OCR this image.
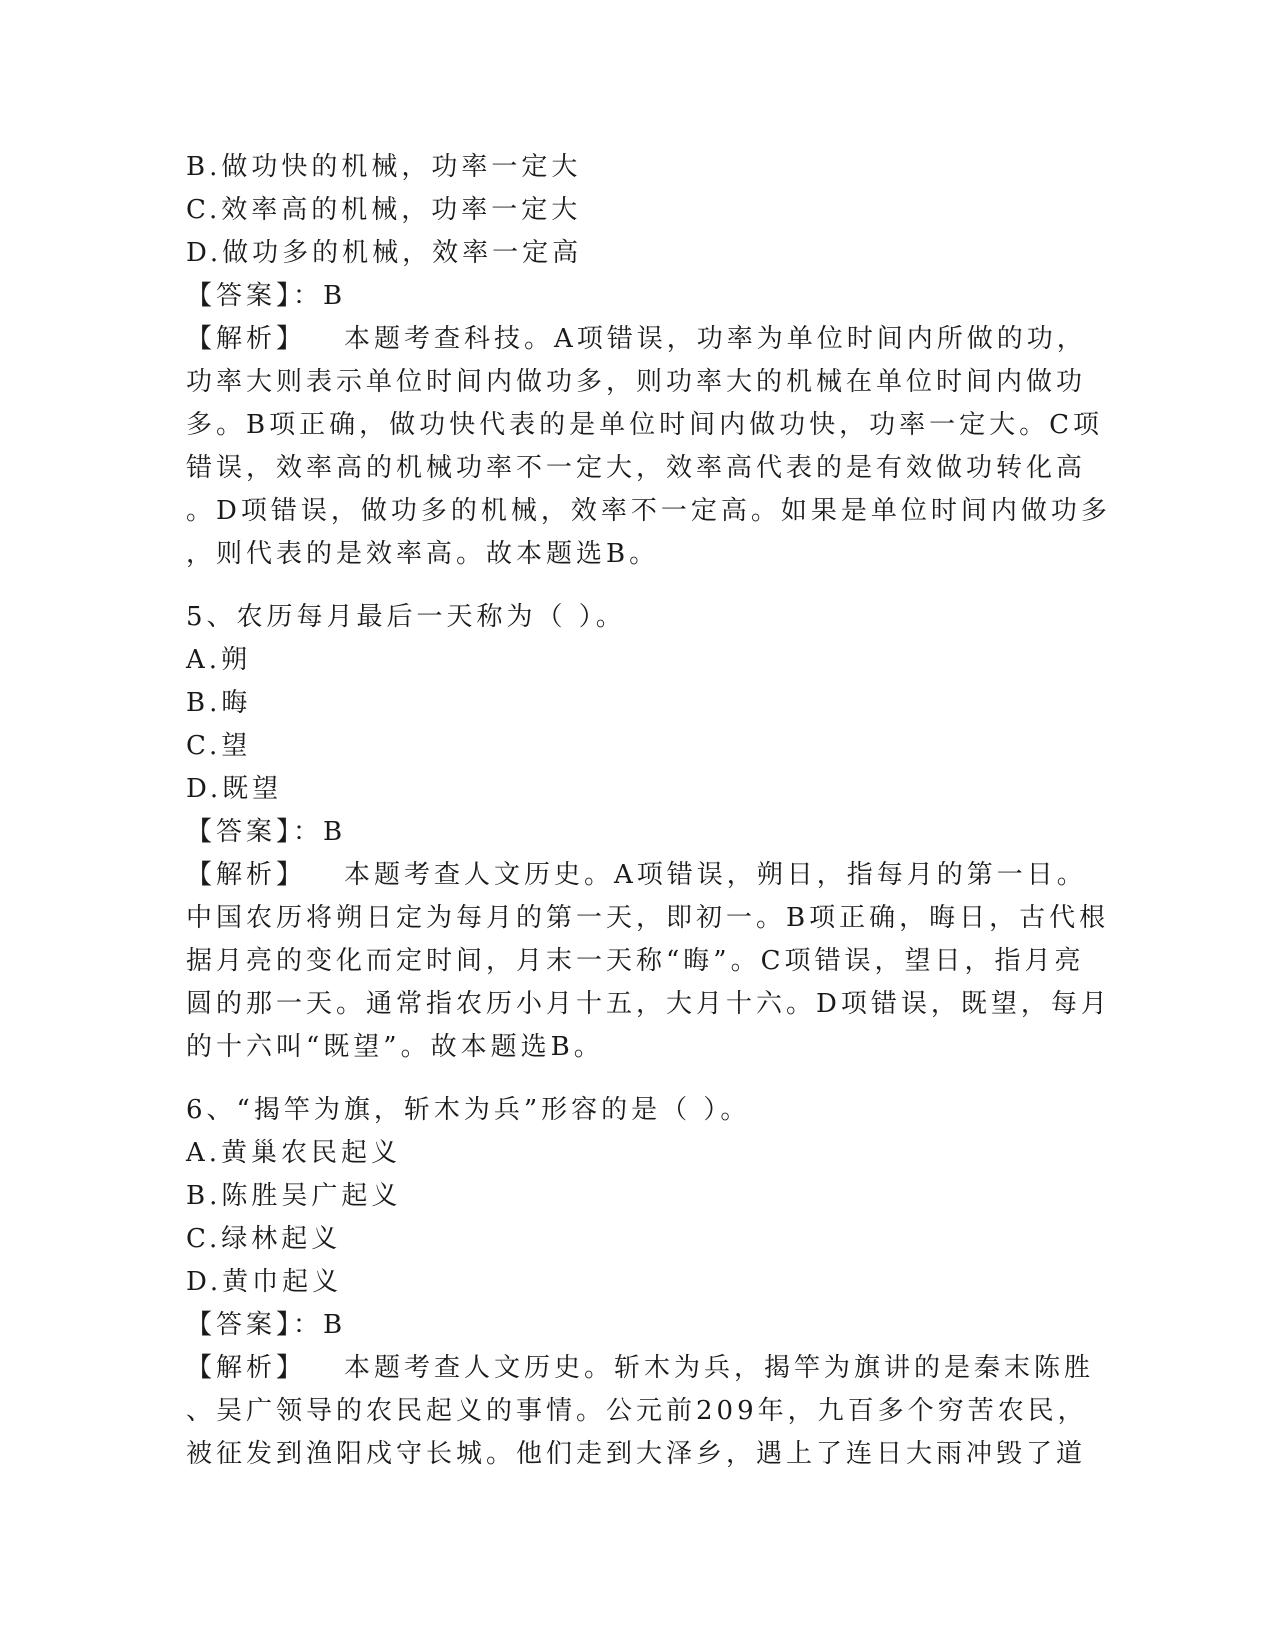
B.做功快的机械，功率一定大
C.效率高的机械，功率一定大
D.做功多的机械，效率一定高
【答案】：B
【解析】 本题考查科技。A项错误，功率为单位时间内所做的功，
功率大则表示单位时间内做功多，则功率大的机械在单位时间内做功
多。B项正确，做功快代表的是单位时间内做功快，功率一定大。C项
错误，效率高的机械功率不一定大，效率高代表的是有效做功转化高
。D项错误，做功多的机械，效率不一定高。如果是单位时间内做功多
，则代表的是效率高。故本题选B。
5、农历每月最后一天称为（ ）。
A.朔
B.晦
C.望
D.既望
【答案】：B
【解析】 本题考查人文历史。A项错误，朔日，指每月的第一日。
中国农历将朔日定为每月的第一天，即初一。B项正确，晦日，古代根
据月亮的变化而定时间，月末一天称“晦”。C项错误，望日，指月亮
圆的那一天。通常指农历小月十五，大月十六。D项错误，既望，每月
的十六叫“既望”。故本题选B。
6、“揭竿为旗，斩木为兵”形容的是（ ）。
A.黄巢农民起义
B.陈胜吴广起义
C.绿林起义
D.黄巾起义
【答案】：B
【解析】 本题考查人文历史。斩木为兵，揭竿为旗讲的是秦末陈胜
、吴广领导的农民起义的事情。公元前209年，九百多个穷苦农民，
被征发到渔阳戍守长城。他们走到大泽乡，遇上了连日大雨冲毁了道
